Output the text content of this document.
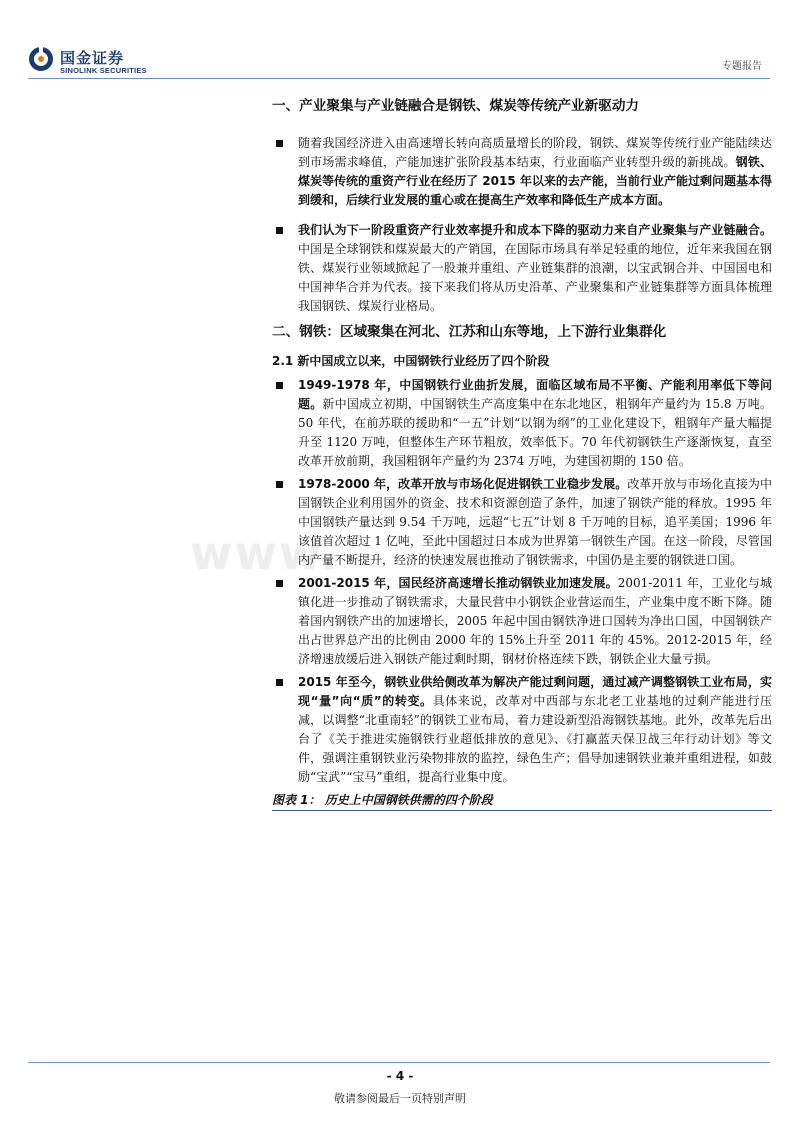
国金证券
SINOLINK SECURITIES	专题报告
www.
一、产业聚集与产业链融合是钢铁、煤炭等传统产业新驱动力
随着我国经济进入由高速增长转向高质量增长的阶段，钢铁、煤炭等传统行业产能陆续达到市场需求峰值，产能加速扩张阶段基本结束，行业面临产业转型升级的新挑战。钢铁、煤炭等传统的重资产行业在经历了 2015 年以来的去产能，当前行业产能过剩问题基本得到缓和，后续行业发展的重心或在提高生产效率和降低生产成本方面。
我们认为下一阶段重资产行业效率提升和成本下降的驱动力来自产业聚集与产业链融合。中国是全球钢铁和煤炭最大的产销国，在国际市场具有举足轻重的地位，近年来我国在钢铁、煤炭行业领域掀起了一股兼并重组、产业链集群的浪潮，以宝武钢合并、中国国电和中国神华合并为代表。接下来我们将从历史沿革、产业聚集和产业链集群等方面具体梳理我国钢铁、煤炭行业格局。
二、钢铁：区域聚集在河北、江苏和山东等地，上下游行业集群化
2.1 新中国成立以来，中国钢铁行业经历了四个阶段
1949-1978 年，中国钢铁行业曲折发展，面临区域布局不平衡、产能利用率低下等问题。新中国成立初期，中国钢铁生产高度集中在东北地区，粗钢年产量约为 15.8 万吨。50 年代，在前苏联的援助和“一五”计划“以钢为纲”的工业化建设下，粗钢年产量大幅提升至 1120 万吨，但整体生产环节粗放，效率低下。70 年代初钢铁生产逐渐恢复，直至改革开放前期，我国粗钢年产量约为 2374 万吨，为建国初期的 150 倍。
1978-2000 年，改革开放与市场化促进钢铁工业稳步发展。改革开放与市场化直接为中国钢铁企业利用国外的资金、技术和资源创造了条件，加速了钢铁产能的释放。1995 年中国钢铁产量达到 9.54 千万吨，远超“七五”计划 8 千万吨的目标，追平美国；1996 年该值首次超过 1 亿吨，至此中国超过日本成为世界第一钢铁生产国。在这一阶段，尽管国内产量不断提升，经济的快速发展也推动了钢铁需求，中国仍是主要的钢铁进口国。
2001-2015 年，国民经济高速增长推动钢铁业加速发展。2001-2011 年，工业化与城镇化进一步推动了钢铁需求，大量民营中小钢铁企业营运而生，产业集中度不断下降。随着国内钢铁产出的加速增长，2005 年起中国由钢铁净进口国转为净出口国，中国钢铁产出占世界总产出的比例由 2000 年的 15%上升至 2011 年的 45%。2012-2015 年，经济增速放缓后进入钢铁产能过剩时期，钢材价格连续下跌，钢铁企业大量亏损。
2015 年至今，钢铁业供给侧改革为解决产能过剩问题，通过减产调整钢铁工业布局，实现“量”向“质”的转变。具体来说，改革对中西部与东北老工业基地的过剩产能进行压减，以调整“北重南轻”的钢铁工业布局，着力建设新型沿海钢铁基地。此外，改革先后出台了《关于推进实施钢铁行业超低排放的意见》、《打赢蓝天保卫战三年行动计划》等文件，强调注重钢铁业污染物排放的监控，绿色生产；倡导加速钢铁业兼并重组进程，如鼓励“宝武”“宝马”重组，提高行业集中度。
图表 1： 历史上中国钢铁供需的四个阶段
- 4 -
敬请参阅最后一页特别声明
